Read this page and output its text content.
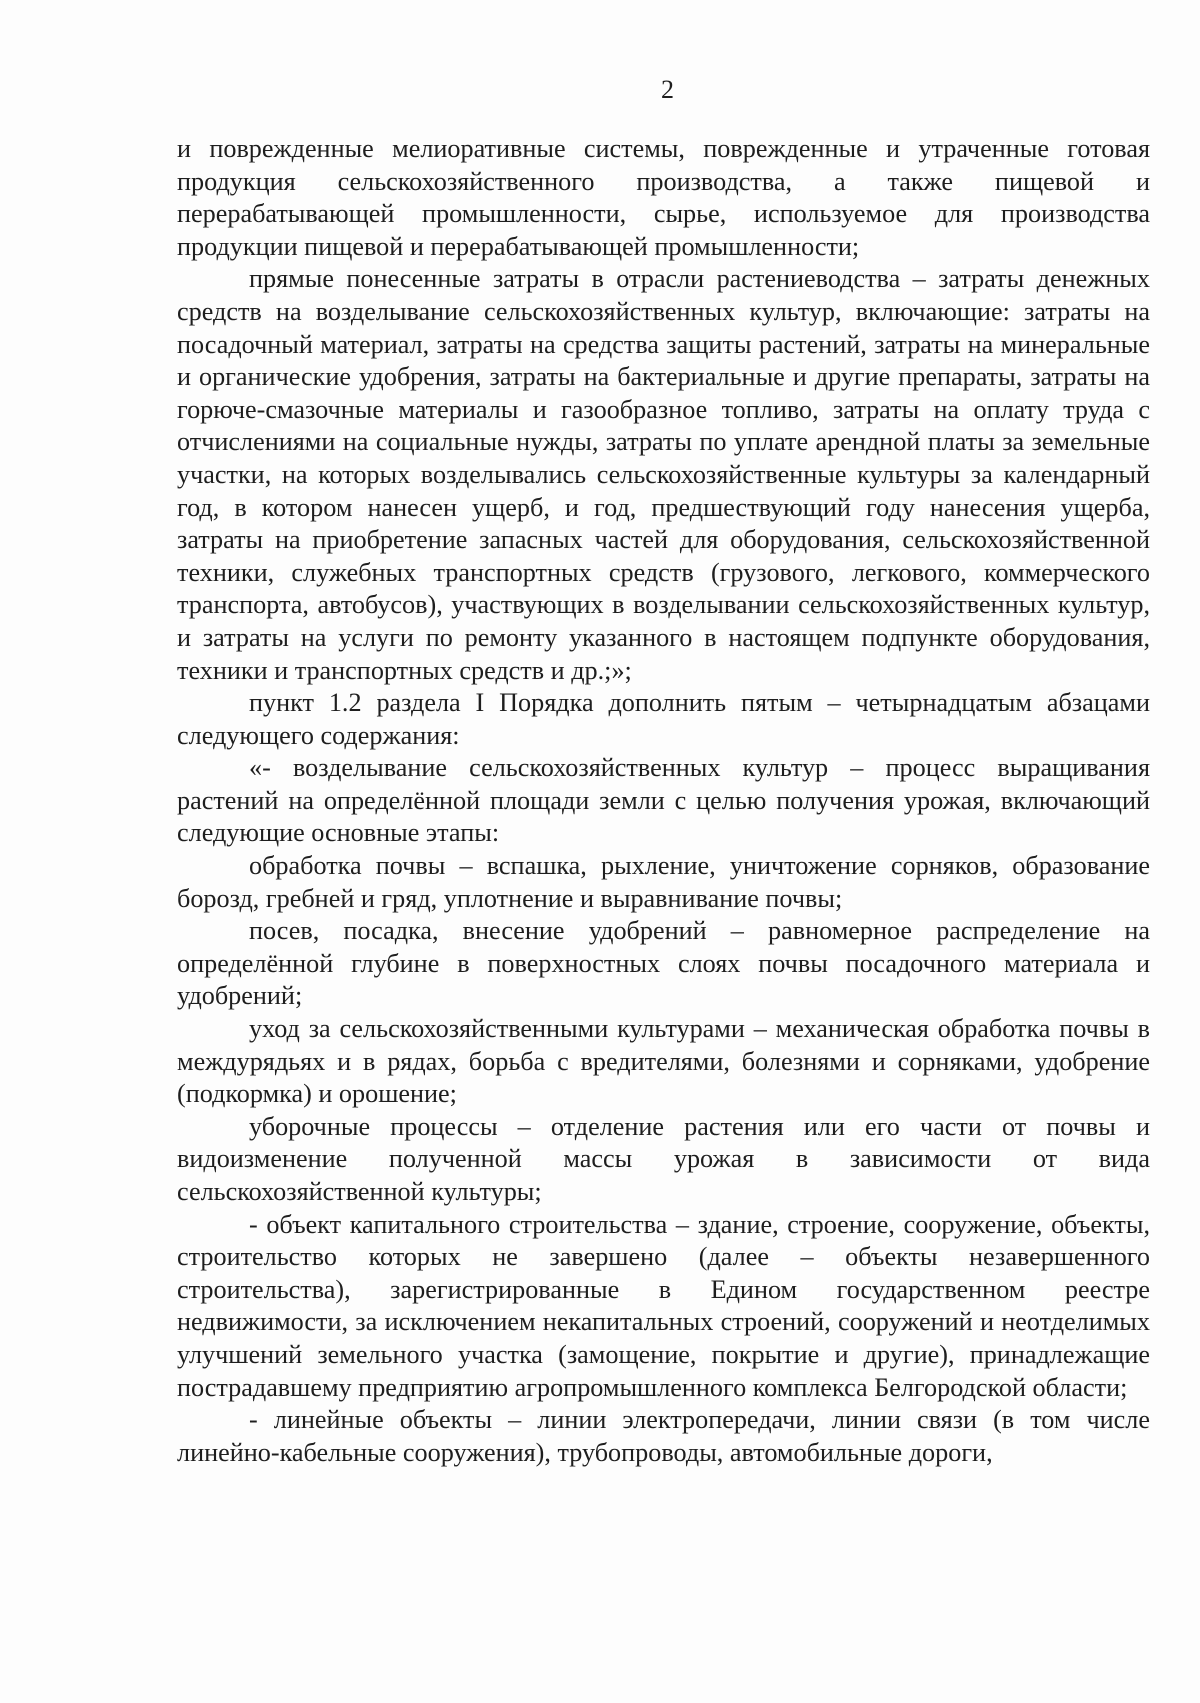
2

и поврежденные мелиоративные системы, поврежденные и утраченные готовая продукция сельскохозяйственного производства, а также пищевой и перерабатывающей промышленности, сырье, используемое для производства продукции пищевой и перерабатывающей промышленности;

прямые понесенные затраты в отрасли растениеводства – затраты денежных средств на возделывание сельскохозяйственных культур, включающие: затраты на посадочный материал, затраты на средства защиты растений, затраты на минеральные и органические удобрения, затраты на бактериальные и другие препараты, затраты на горюче-смазочные материалы и газообразное топливо, затраты на оплату труда с отчислениями на социальные нужды, затраты по уплате арендной платы за земельные участки, на которых возделывались сельскохозяйственные культуры за календарный год, в котором нанесен ущерб, и год, предшествующий году нанесения ущерба, затраты на приобретение запасных частей для оборудования, сельскохозяйственной техники, служебных транспортных средств (грузового, легкового, коммерческого транспорта, автобусов), участвующих в возделывании сельскохозяйственных культур, и затраты на услуги по ремонту указанного в настоящем подпункте оборудования, техники и транспортных средств и др.;»;

пункт 1.2 раздела I Порядка дополнить пятым – четырнадцатым абзацами следующего содержания:

«- возделывание сельскохозяйственных культур – процесс выращивания растений на определённой площади земли с целью получения урожая, включающий следующие основные этапы:

обработка почвы – вспашка, рыхление, уничтожение сорняков, образование борозд, гребней и гряд, уплотнение и выравнивание почвы;

посев, посадка, внесение удобрений – равномерное распределение на определённой глубине в поверхностных слоях почвы посадочного материала и удобрений;

уход за сельскохозяйственными культурами – механическая обработка почвы в междурядьях и в рядах, борьба с вредителями, болезнями и сорняками, удобрение (подкормка) и орошение;

уборочные процессы – отделение растения или его части от почвы и видоизменение полученной массы урожая в зависимости от вида сельскохозяйственной культуры;

- объект капитального строительства – здание, строение, сооружение, объекты, строительство которых не завершено (далее – объекты незавершенного строительства), зарегистрированные в Едином государственном реестре недвижимости, за исключением некапитальных строений, сооружений и неотделимых улучшений земельного участка (замощение, покрытие и другие), принадлежащие пострадавшему предприятию агропромышленного комплекса Белгородской области;

- линейные объекты – линии электропередачи, линии связи (в том числе линейно-кабельные сооружения), трубопроводы, автомобильные дороги,
